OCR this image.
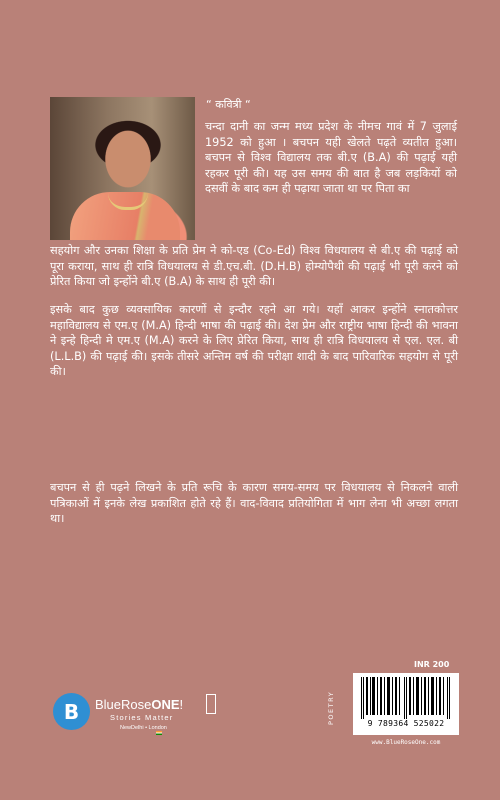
“ कवित्री “
चन्दा दानी का जन्म मध्य प्रदेश के नीमच गावं में 7 जुलाई 1952 को हुआ । बचपन यही खेलते पढ़ते व्यतीत हुआ। बचपन से विश्व विद्यालय तक बी.ए (B.A) की पढ़ाई यही रहकर पूरी की। यह उस समय की बात है जब लड़कियों को दसवीं के बाद कम ही पढ़ाया जाता था पर पिता का
सहयोग और उनका शिक्षा के प्रति प्रेम ने को-एड (Co-Ed) विश्व विधयालय से बी.ए की पढ़ाई को पूरा कराया, साथ ही रात्रि विधयालय से डी.एच.बी. (D.H.B) होम्योपैथी की पढ़ाई भी पूरी करने को प्रेरित किया जो इन्होंने बी.ए (B.A) के साथ ही पूरी की।
इसके बाद कुछ व्यवसायिक कारणों से इन्दौर रहने आ गये। यहाँ आकर इन्होंने स्नातकोत्तर महाविद्यालय से एम.ए (M.A) हिन्दी भाषा की पढ़ाई की। देश प्रेम और राष्ट्रीय भाषा हिन्दी की भावना ने इन्हे हिन्दी मे एम.ए (M.A) करने के लिए प्रेरित किया, साथ ही रात्रि विधयालय से एल. एल. बी (L.L.B) की पढ़ाई की। इसके तीसरे अन्तिम वर्ष की परीक्षा शादी के बाद पारिवारिक सहयोग से पूरी की।
बचपन से ही पढ़ने लिखने के प्रति रूचि के कारण समय-समय पर विधयालय से निकलने वाली पत्रिकाओं में इनके लेख प्रकाशित होते रहे हैं। वाद-विवाद प्रतियोगिता में भाग लेना भी अच्छा लगता था।
B BlueRoseONE!
Stories Matter
NewDelhi • London
INR 200
POETRY	9 789364 525022
www.BlueRoseOne.com
